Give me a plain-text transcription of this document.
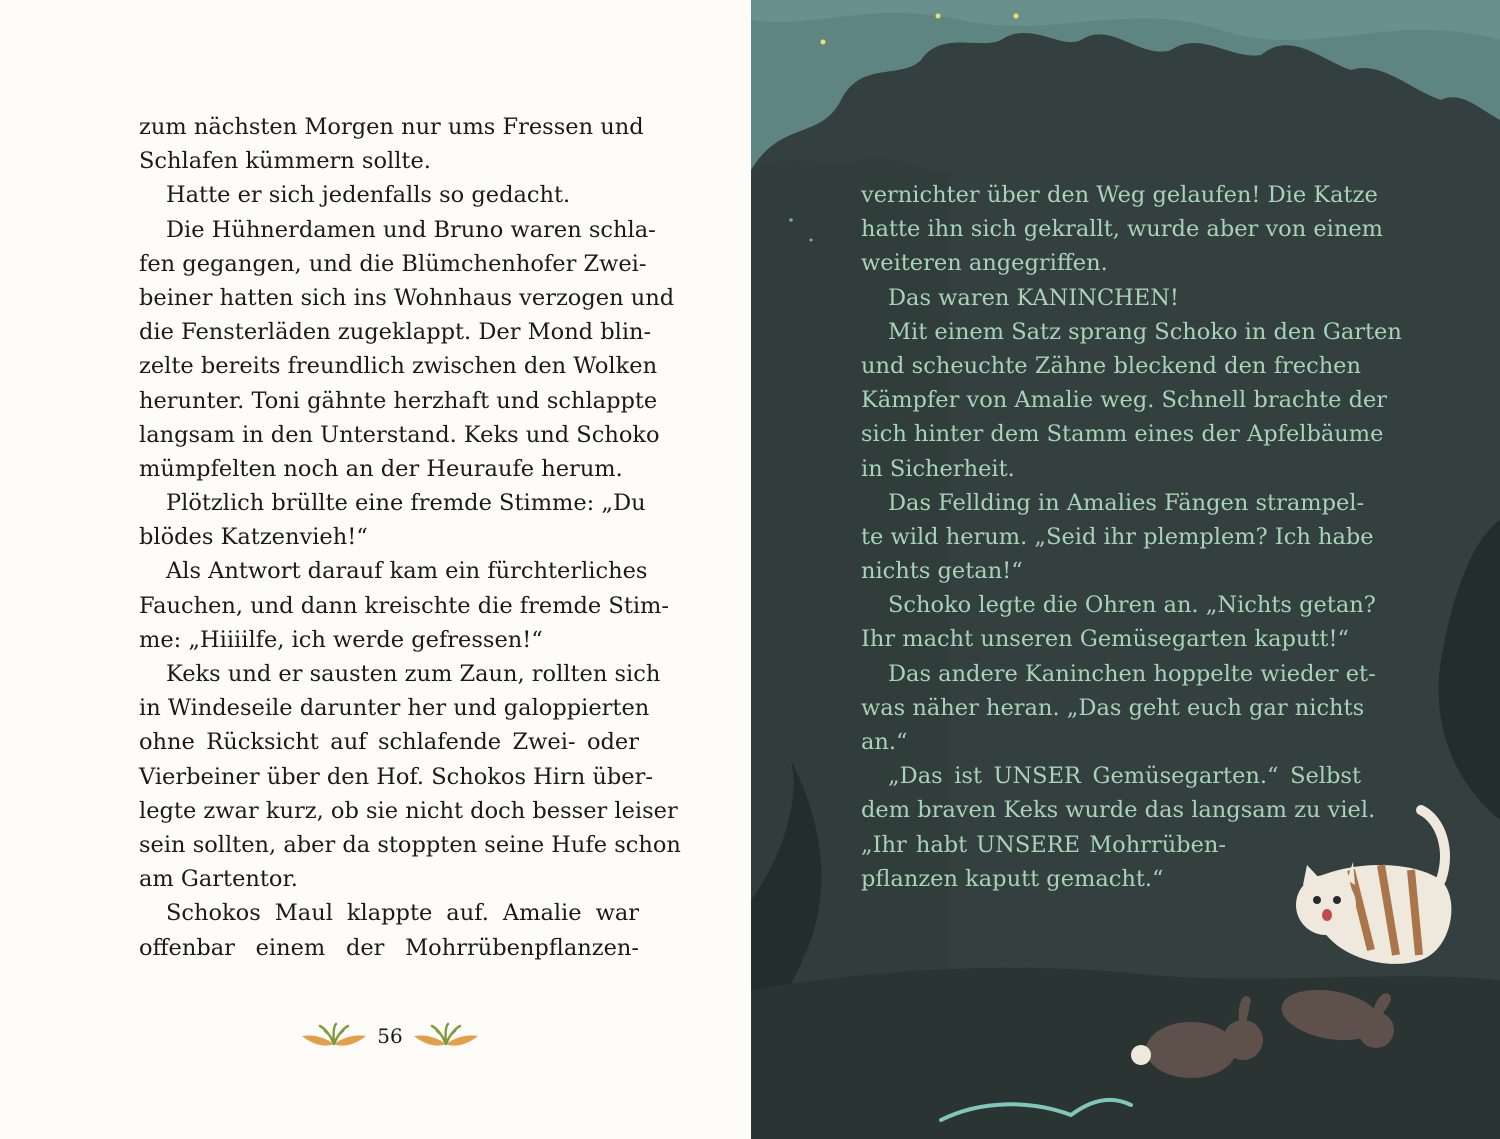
56
zum nächsten Morgen nur ums Fressen und
Schlafen kümmern sollte.
Hatte er sich jedenfalls so gedacht.
Die Hühnerdamen und Bruno waren schla-
fen gegangen, und die Blümchenhofer Zwei-
beiner hatten sich ins Wohnhaus verzogen und
die Fensterläden zugeklappt. Der Mond blin-
zelte bereits freundlich zwischen den Wolken
herunter. Toni gähnte herzhaft und schlappte
langsam in den Unterstand. Keks und Schoko
mümpfelten noch an der Heuraufe herum.
Plötzlich brüllte eine fremde Stimme: „Du
blödes Katzenvieh!“
Als Antwort darauf kam ein fürchterliches
Fauchen, und dann kreischte die fremde Stim-
me: „Hiiiilfe, ich werde gefressen!“
Keks und er sausten zum Zaun, rollten sich
in Windeseile darunter her und galoppierten
ohne Rücksicht auf schlafende Zwei- oder
Vierbeiner über den Hof. Schokos Hirn über-
legte zwar kurz, ob sie nicht doch besser leiser
sein sollten, aber da stoppten seine Hufe schon
am Gartentor.
Schokos Maul klappte auf. Amalie war
offenbar einem der Mohrrübenpflanzen-
vernichter über den Weg gelaufen! Die Katze
hatte ihn sich gekrallt, wurde aber von einem
weiteren angegriffen.
Das waren KANINCHEN!
Mit einem Satz sprang Schoko in den Garten
und scheuchte Zähne bleckend den frechen
Kämpfer von Amalie weg. Schnell brachte der
sich hinter dem Stamm eines der Apfelbäume
in Sicherheit.
Das Fellding in Amalies Fängen strampel-
te wild herum. „Seid ihr plemplem? Ich habe
nichts getan!“
Schoko legte die Ohren an. „Nichts getan?
Ihr macht unseren Gemüsegarten kaputt!“
Das andere Kaninchen hoppelte wieder et-
was näher heran. „Das geht euch gar nichts
an.“
„Das ist UNSER Gemüsegarten.“ Selbst
dem braven Keks wurde das langsam zu viel.
„Ihr habt UNSERE Mohrrüben-
pflanzen kaputt gemacht.“
